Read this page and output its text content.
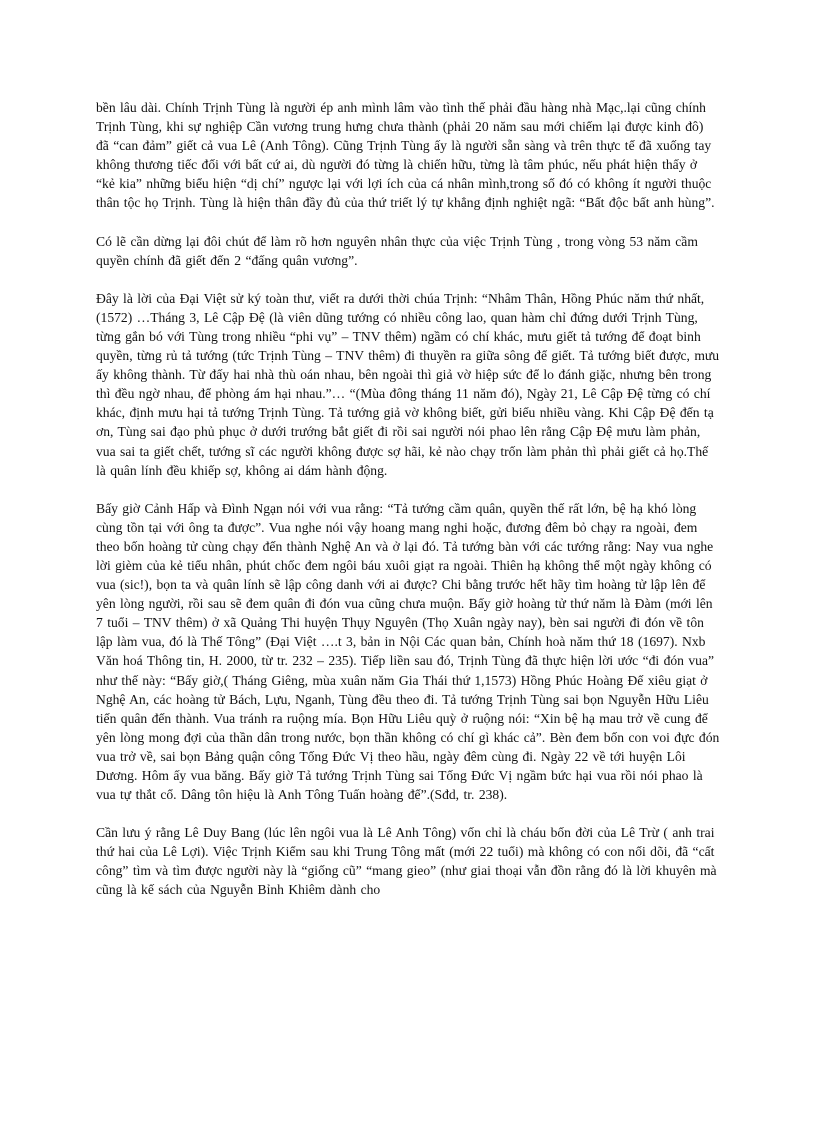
bền lâu dài. Chính Trịnh Tùng là người ép anh mình lâm vào tình thế phải đầu hàng nhà Mạc,.lại cũng chính Trịnh Tùng, khi sự nghiệp Cần vương trung hưng chưa thành (phải 20 năm sau mới chiếm lại được kinh đô) đã “can đảm” giết cả vua Lê (Anh Tông). Cũng Trịnh Tùng ấy là người sẵn sàng và trên thực tế đã xuống tay không thương tiếc đối với bất cứ ai, dù người đó từng là chiến hữu, từng là tâm phúc, nếu phát hiện thấy ở “kẻ kia” những biểu hiện “dị chí” ngược lại với lợi ích của cá nhân mình,trong số đó có không ít người thuộc thân tộc họ Trịnh. Tùng là hiện thân đầy đủ của thứ triết lý tự khẳng định nghiệt ngã: “Bất độc bất anh hùng”.

Có lẽ cần dừng lại đôi chút để làm rõ hơn nguyên nhân thực của việc Trịnh Tùng , trong vòng 53 năm cầm quyền chính đã giết đến 2 “đấng quân vương”.

Đây là lời của Đại Việt sử ký toàn thư, viết ra dưới thời chúa Trịnh: “Nhâm Thân, Hồng Phúc năm thứ nhất,(1572) …Tháng 3, Lê Cập Đệ (là viên dũng tướng có nhiều công lao, quan hàm chỉ đứng dưới Trịnh Tùng, từng gắn bó với Tùng trong nhiều “phi vụ” – TNV thêm) ngầm có chí khác, mưu giết tả tướng để đoạt binh quyền, từng rủ tả tướng (tức Trịnh Tùng – TNV thêm) đi thuyền ra giữa sông để giết. Tả tướng biết được, mưu ấy không thành. Từ đấy hai nhà thù oán nhau, bên ngoài thì giả vờ hiệp sức để lo đánh giặc, nhưng bên trong thì đều ngờ nhau, để phòng ám hại nhau.”… “(Mùa đông tháng 11 năm đó), Ngày 21, Lê Cập Đệ từng có chí khác, định mưu hại tả tướng Trịnh Tùng. Tả tướng giả vờ không biết, gửi biếu nhiều vàng. Khi Cập Đệ đến tạ ơn, Tùng sai đạo phủ phục ở dưới trướng bắt giết đi rồi sai người nói phao lên rằng Cập Đệ mưu làm phản, vua sai ta giết chết, tướng sĩ các người không được sợ hãi, kẻ nào chạy trốn làm phản thì phải giết cả họ.Thế là quân lính đều khiếp sợ, không ai dám hành động.

Bấy giờ Cảnh Hấp và Đình Ngạn nói với vua rằng: “Tả tướng cầm quân, quyền thế rất lớn, bệ hạ khó lòng cùng tồn tại với ông ta được”. Vua nghe nói vậy hoang mang nghi hoặc, đương đêm bỏ chạy ra ngoài, đem theo bốn hoàng tử cùng chạy đến thành Nghệ An và ở lại đó. Tả tướng bàn với các tướng rằng: Nay vua nghe lời gièm của kẻ tiểu nhân, phút chốc đem ngôi báu xuôi giạt ra ngoài. Thiên hạ không thể một ngày không có vua (sic!), bọn ta và quân lính sẽ lập công danh với ai được? Chi bằng trước hết hãy tìm hoàng tử lập lên để yên lòng người, rồi sau sẽ đem quân đi đón vua cũng chưa muộn. Bấy giờ hoàng tử thứ năm là Đàm (mới lên 7 tuổi – TNV thêm) ở xã Quảng Thi huyện Thụy Nguyên (Thọ Xuân ngày nay), bèn sai người đi đón về tôn lập làm vua, đó là Thế Tông” (Đại Việt ….t 3, bản in Nội Các quan bản, Chính hoà năm thứ 18 (1697). Nxb Văn hoá Thông tin, H. 2000, từ tr. 232 – 235). Tiếp liền sau đó, Trịnh Tùng đã thực hiện lời ước “đi đón vua” như thế này: “Bấy giờ,( Tháng Giêng, mùa xuân năm Gia Thái thứ 1,1573) Hồng Phúc Hoàng Đế xiêu giạt ở Nghệ An, các hoàng tử Bách, Lựu, Nganh, Tùng đều theo đi. Tả tướng Trịnh Tùng sai bọn Nguyễn Hữu Liêu tiến quân đến thành. Vua tránh ra ruộng mía. Bọn Hữu Liêu quỳ ở ruộng nói: “Xin bệ hạ mau trở về cung để yên lòng mong đợi của thần dân trong nước, bọn thần không có chí gì khác cả”. Bèn đem bốn con voi đực đón vua trở về, sai bọn Bảng quận công Tống Đức Vị theo hầu, ngày đêm cùng đi. Ngày 22 về tới huyện Lôi Dương. Hôm ấy vua băng. Bấy giờ Tả tướng Trịnh Tùng sai Tống Đức Vị ngầm bức hại vua rồi nói phao là vua tự thắt cổ. Dâng tôn hiệu là Anh Tông Tuấn hoàng đế”.(Sđd, tr. 238).

Cần lưu ý rằng Lê Duy Bang (lúc lên ngôi vua là Lê Anh Tông) vốn chỉ là cháu bốn đời của Lê Trừ ( anh trai thứ hai của Lê Lợi). Việc Trịnh Kiểm sau khi Trung Tông mất (mới 22 tuổi) mà không có con nối dõi, đã “cất công” tìm và tìm được người này là “giống cũ” “mang gieo” (như giai thoại vẫn đồn rằng đó là lời khuyên mà cũng là kế sách của Nguyễn Bỉnh Khiêm dành cho
